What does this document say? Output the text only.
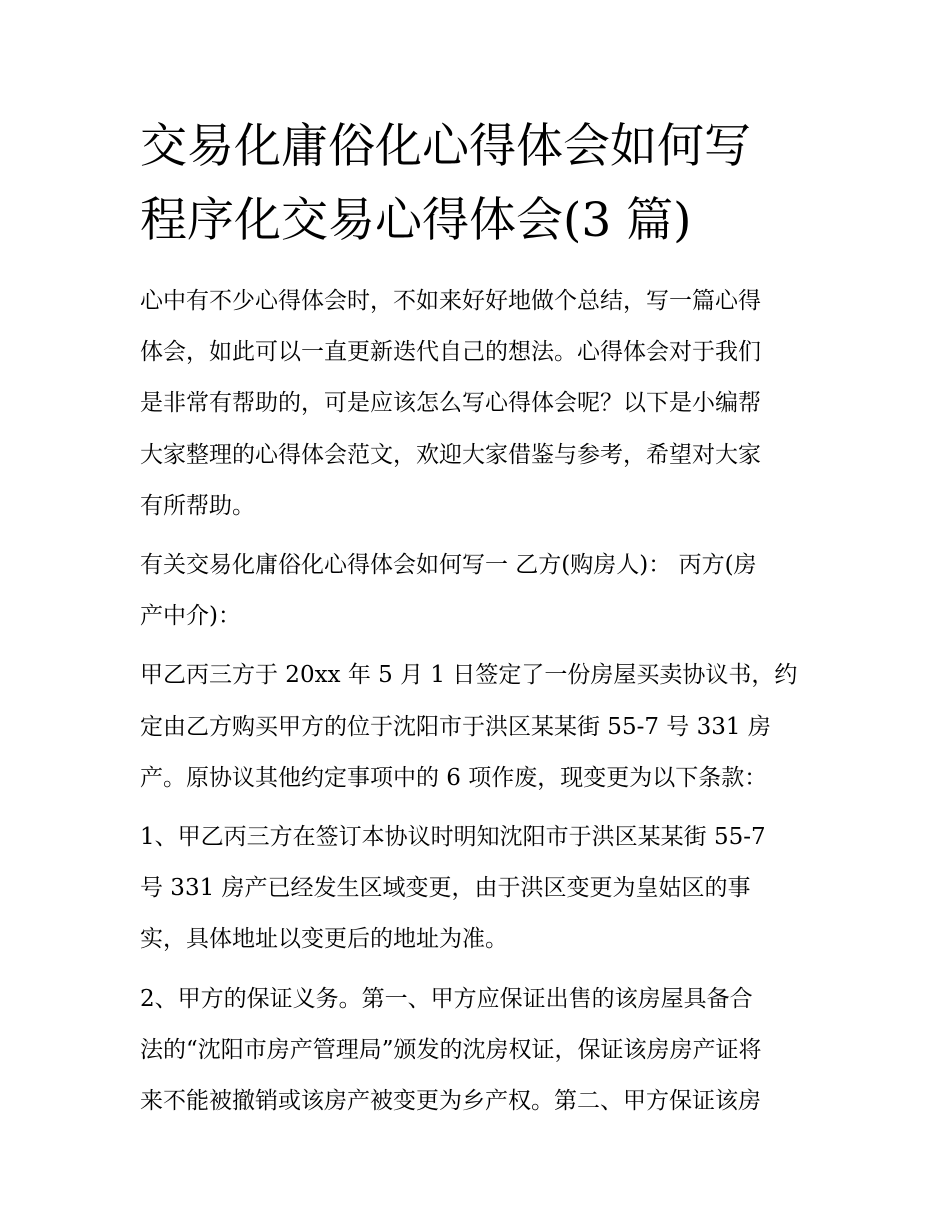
交易化庸俗化心得体会如何写
程序化交易心得体会(3 篇)

心中有不少心得体会时，不如来好好地做个总结，写一篇心得
体会，如此可以一直更新迭代自己的想法。心得体会对于我们
是非常有帮助的，可是应该怎么写心得体会呢？以下是小编帮
大家整理的心得体会范文，欢迎大家借鉴与参考，希望对大家
有所帮助。

有关交易化庸俗化心得体会如何写一 乙方(购房人)： 丙方(房
产中介)：

甲乙丙三方于 20xx 年 5 月 1 日签定了一份房屋买卖协议书，约
定由乙方购买甲方的位于沈阳市于洪区某某街 55-7 号 331 房
产。原协议其他约定事项中的 6 项作废，现变更为以下条款：

1、甲乙丙三方在签订本协议时明知沈阳市于洪区某某街 55-7
号 331 房产已经发生区域变更，由于洪区变更为皇姑区的事
实，具体地址以变更后的地址为准。

2、甲方的保证义务。第一、甲方应保证出售的该房屋具备合
法的“沈阳市房产管理局”颁发的沈房权证，保证该房房产证将
来不能被撤销或该房产被变更为乡产权。第二、甲方保证该房
